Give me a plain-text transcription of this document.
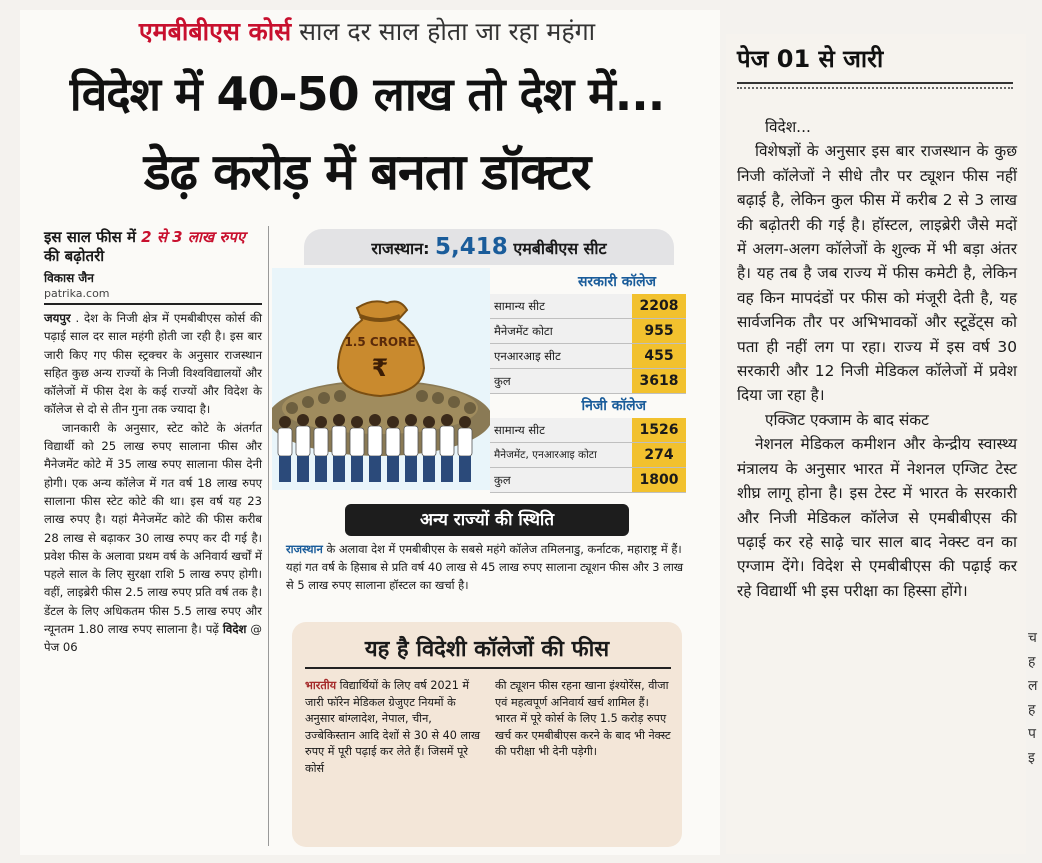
एमबीबीएस कोर्स साल दर साल होता जा रहा महंगा
विदेश में 40-50 लाख तो देश में...
डेढ़ करोड़ में बनता डॉक्टर
इस साल फीस में 2 से 3 लाख रुपए की बढ़ोतरी
विकास जैन
patrika.com
जयपुर . देश के निजी क्षेत्र में एमबीबीएस कोर्स की पढ़ाई साल दर साल महंगी होती जा रही है। इस बार जारी किए गए फीस स्ट्रक्चर के अनुसार राजस्थान सहित कुछ अन्य राज्यों के निजी विश्वविद्यालयों और कॉलेजों में फीस देश के कई राज्यों और विदेश के कॉलेज से दो से तीन गुना तक ज्यादा है।
जानकारी के अनुसार, स्टेट कोटे के अंतर्गत विद्यार्थी को 25 लाख रुपए सालाना फीस और मैनेजमेंट कोटे में 35 लाख रुपए सालाना फीस देनी होगी। एक अन्य कॉलेज में गत वर्ष 18 लाख रुपए सालाना फीस स्टेट कोटे की था। इस वर्ष यह 23 लाख रुपए है। यहां मैनेजमेंट कोटे की फीस करीब 28 लाख से बढ़ाकर 30 लाख रुपए कर दी गई है। प्रवेश फीस के अलावा प्रथम वर्ष के अनिवार्य खर्चों में पहले साल के लिए सुरक्षा राशि 5 लाख रुपए होगी। वहीं, लाइब्रेरी फीस 2.5 लाख रुपए प्रति वर्ष तक है। डेंटल के लिए अधिकतम फीस 5.5 लाख रुपए और न्यूनतम 1.80 लाख रुपए सालाना है। पढ़ें विदेश @ पेज 06
राजस्थान: 5,418 एमबीबीएस सीट
1.5 CRORE
₹
सरकारी कॉलेज
सामान्य सीट	2208
मैनेजमेंट कोटा	955
एनआरआइ सीट	455
कुल	3618
निजी कॉलेज
सामान्य सीट	1526
मैनेजमेंट, एनआरआइ कोटा	274
कुल	1800
अन्य राज्यों की स्थिति
राजस्थान के अलावा देश में एमबीबीएस के सबसे महंगे कॉलेज तमिलनाडु, कर्नाटक, महाराष्ट्र में हैं। यहां गत वर्ष के हिसाब से प्रति वर्ष 40 लाख से 45 लाख रुपए सालाना ट्यूशन फीस और 3 लाख से 5 लाख रुपए सालाना हॉस्टल का खर्चा है।
यह है विदेशी कॉलेजों की फीस
भारतीय विद्यार्थियों के लिए वर्ष 2021 में जारी फॉरेन मेडिकल ग्रेजुएट नियमों के अनुसार बांग्लादेश, नेपाल, चीन, उज्बेकिस्तान आदि देशों से 30 से 40 लाख रुपए में पूरी पढ़ाई कर लेते हैं। जिसमें पूरे कोर्स
की ट्यूशन फीस रहना खाना इंश्योरेंस, वीजा एवं महत्वपूर्ण अनिवार्य खर्च शामिल हैं। भारत में पूरे कोर्स के लिए 1.5 करोड़ रुपए खर्च कर एमबीबीएस करने के बाद भी नेक्स्ट की परीक्षा भी देनी पड़ेगी।
पेज 01 से जारी

विदेश...

विशेषज्ञों के अनुसार इस बार राजस्थान के कुछ निजी कॉलेजों ने सीधे तौर पर ट्यूशन फीस नहीं बढ़ाई है, लेकिन कुल फीस में करीब 2 से 3 लाख की बढ़ोतरी की गई है। हॉस्टल, लाइब्रेरी जैसे मदों में अलग-अलग कॉलेजों के शुल्क में भी बड़ा अंतर है। यह तब है जब राज्य में फीस कमेटी है, लेकिन वह किन मापदंडों पर फीस को मंजूरी देती है, यह सार्वजनिक तौर पर अभिभावकों और स्टूडेंट्स को पता ही नहीं लग पा रहा। राज्य में इस वर्ष 30 सरकारी और 12 निजी मेडिकल कॉलेजों में प्रवेश दिया जा रहा है।

एक्जिट एक्जाम के बाद संकट

नेशनल मेडिकल कमीशन और केन्द्रीय स्वास्थ्य मंत्रालय के अनुसार भारत में नेशनल एग्जिट टेस्ट शीघ्र लागू होना है। इस टेस्ट में भारत के सरकारी और निजी मेडिकल कॉलेज से एमबीबीएस की पढ़ाई कर रहे साढ़े चार साल बाद नेक्स्ट वन का एग्जाम देंगे। विदेश से एमबीबीएस की पढ़ाई कर रहे विद्यार्थी भी इस परीक्षा का हिस्सा होंगे।

च
ह
ल
ह
प
इ
